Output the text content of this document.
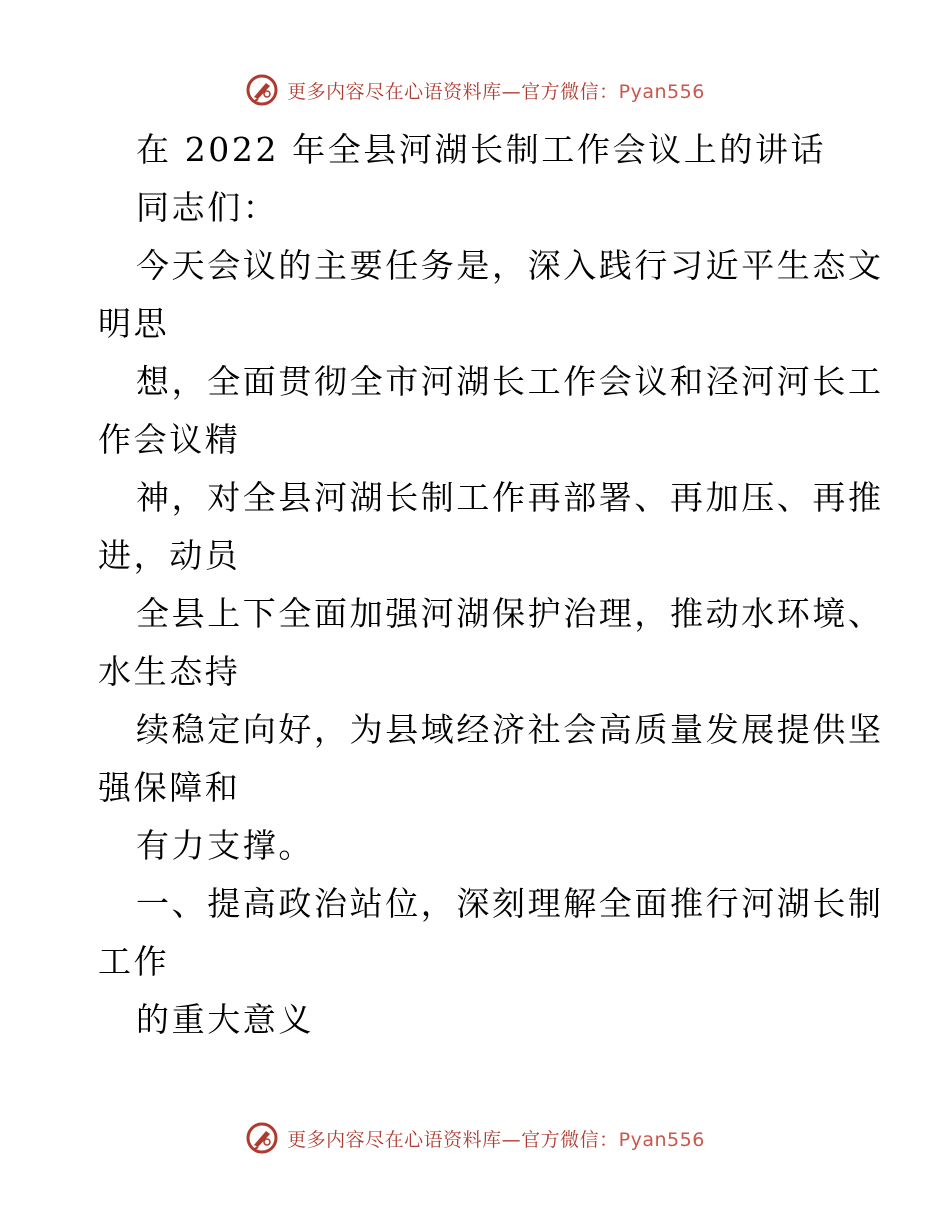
更多内容尽在心语资料库—官方微信：Pyan556
在 2022 年全县河湖长制工作会议上的讲话
同志们：
今天会议的主要任务是，深入践行习近平生态文
明思
想，全面贯彻全市河湖长工作会议和泾河河长工
作会议精
神，对全县河湖长制工作再部署、再加压、再推
进，动员
全县上下全面加强河湖保护治理，推动水环境、
水生态持
续稳定向好，为县域经济社会高质量发展提供坚
强保障和
有力支撑。
一、提高政治站位，深刻理解全面推行河湖长制
工作
的重大意义
更多内容尽在心语资料库—官方微信：Pyan556
